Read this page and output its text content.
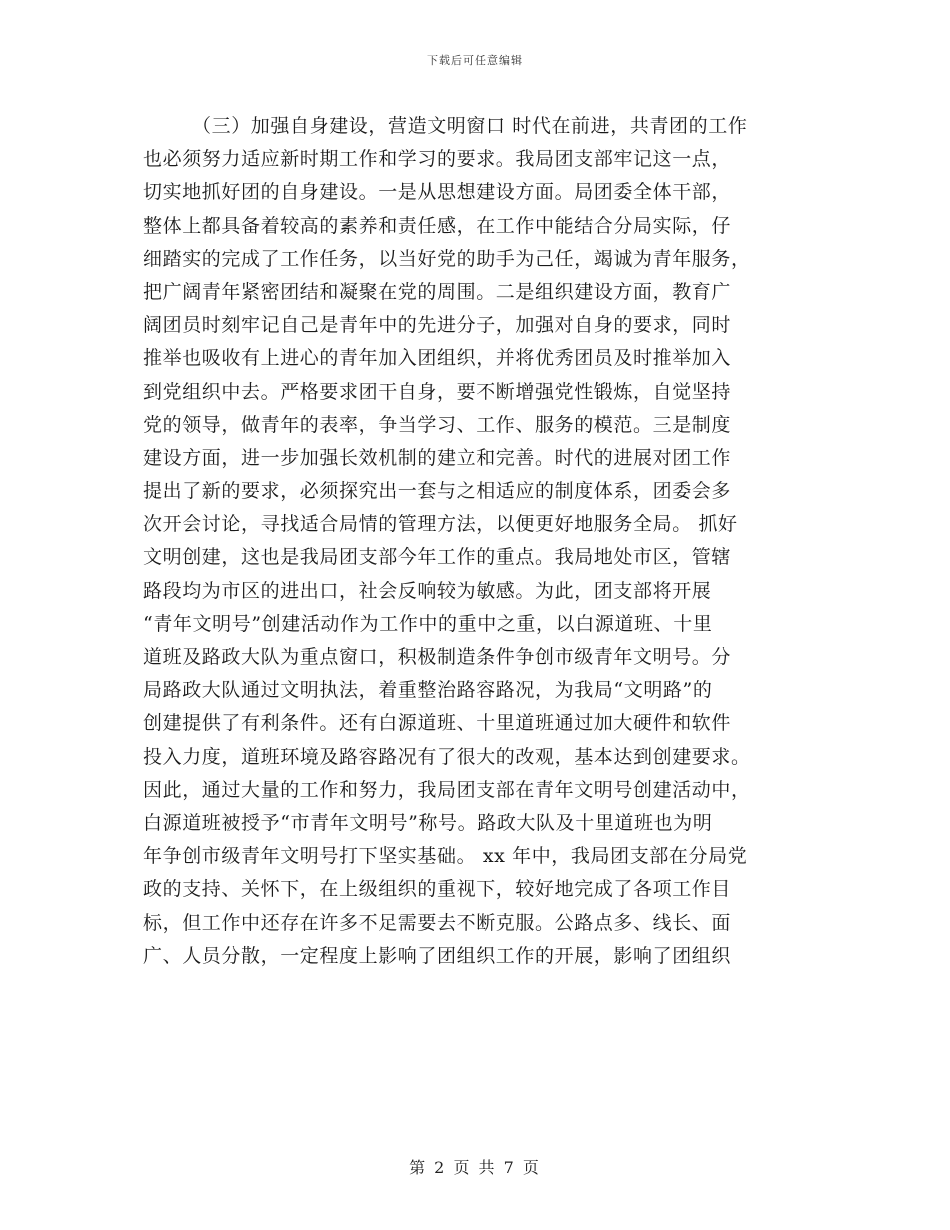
下载后可任意编辑
（三）加强自身建设，营造文明窗口 时代在前进，共青团的工作
也必须努力适应新时期工作和学习的要求。我局团支部牢记这一点，
切实地抓好团的自身建设。一是从思想建设方面。局团委全体干部，
整体上都具备着较高的素养和责任感，在工作中能结合分局实际，仔
细踏实的完成了工作任务，以当好党的助手为己任，竭诚为青年服务，
把广阔青年紧密团结和凝聚在党的周围。二是组织建设方面，教育广
阔团员时刻牢记自己是青年中的先进分子，加强对自身的要求，同时
推举也吸收有上进心的青年加入团组织，并将优秀团员及时推举加入
到党组织中去。严格要求团干自身，要不断增强党性锻炼，自觉坚持
党的领导，做青年的表率，争当学习、工作、服务的模范。三是制度
建设方面，进一步加强长效机制的建立和完善。时代的进展对团工作
提出了新的要求，必须探究出一套与之相适应的制度体系，团委会多
次开会讨论，寻找适合局情的管理方法，以便更好地服务全局。 抓好
文明创建，这也是我局团支部今年工作的重点。我局地处市区，管辖
路段均为市区的进出口，社会反响较为敏感。为此，团支部将开展
“青年文明号”创建活动作为工作中的重中之重，以白源道班、十里
道班及路政大队为重点窗口，积极制造条件争创市级青年文明号。分
局路政大队通过文明执法，着重整治路容路况，为我局“文明路”的
创建提供了有利条件。还有白源道班、十里道班通过加大硬件和软件
投入力度，道班环境及路容路况有了很大的改观，基本达到创建要求。
因此，通过大量的工作和努力，我局团支部在青年文明号创建活动中，
白源道班被授予“市青年文明号”称号。路政大队及十里道班也为明
年争创市级青年文明号打下坚实基础。 xx 年中，我局团支部在分局党
政的支持、关怀下，在上级组织的重视下，较好地完成了各项工作目
标，但工作中还存在许多不足需要去不断克服。公路点多、线长、面
广、人员分散，一定程度上影响了团组织工作的开展，影响了团组织
第 2 页 共 7 页
